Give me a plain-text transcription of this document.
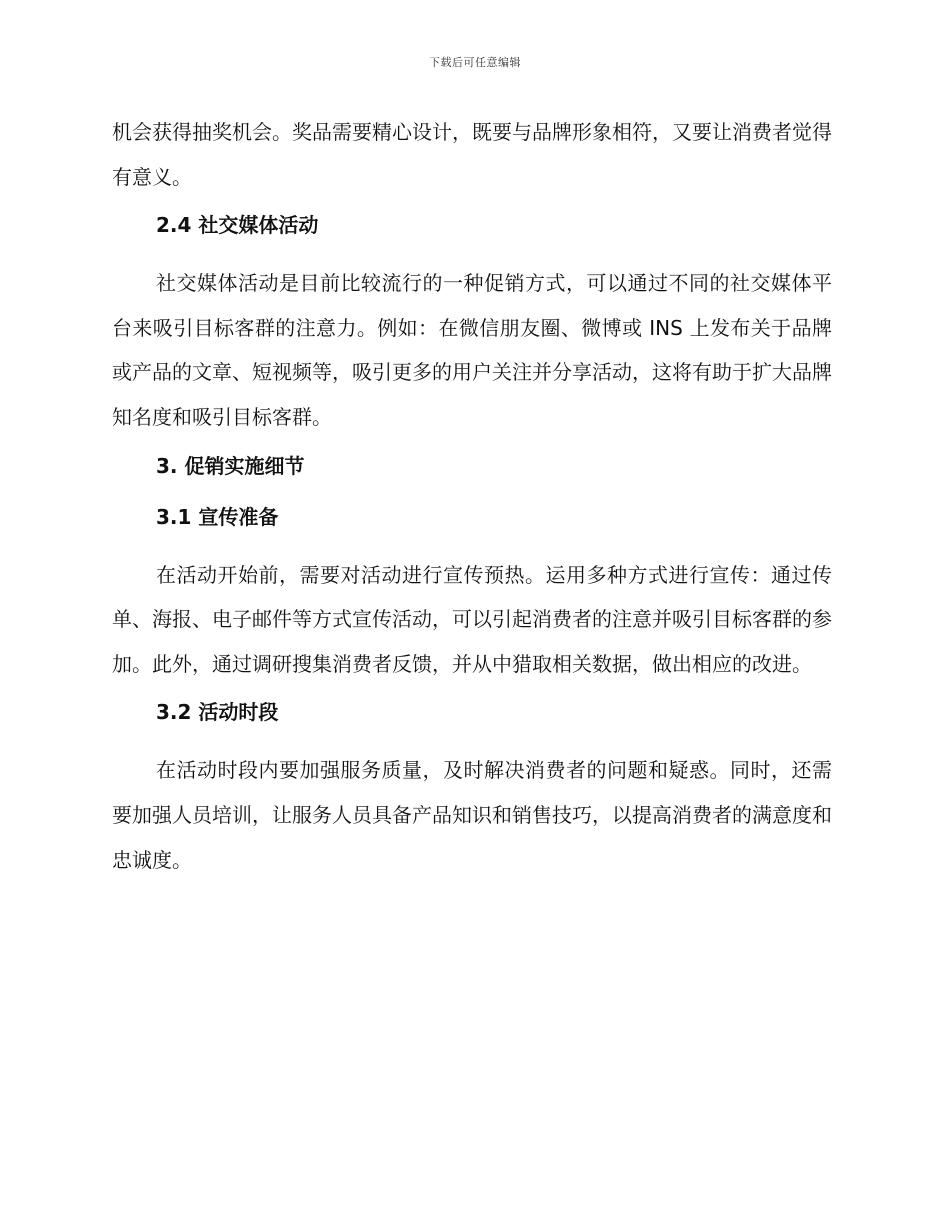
下载后可任意编辑

机会获得抽奖机会。奖品需要精心设计，既要与品牌形象相符，又要让消费者觉得有意义。

2.4 社交媒体活动

社交媒体活动是目前比较流行的一种促销方式，可以通过不同的社交媒体平台来吸引目标客群的注意力。例如：在微信朋友圈、微博或 INS 上发布关于品牌或产品的文章、短视频等，吸引更多的用户关注并分享活动，这将有助于扩大品牌知名度和吸引目标客群。

3. 促销实施细节
3.1 宣传准备

在活动开始前，需要对活动进行宣传预热。运用多种方式进行宣传：通过传单、海报、电子邮件等方式宣传活动，可以引起消费者的注意并吸引目标客群的参加。此外，通过调研搜集消费者反馈，并从中猎取相关数据，做出相应的改进。

3.2 活动时段

在活动时段内要加强服务质量，及时解决消费者的问题和疑惑。同时，还需要加强人员培训，让服务人员具备产品知识和销售技巧，以提高消费者的满意度和忠诚度。
